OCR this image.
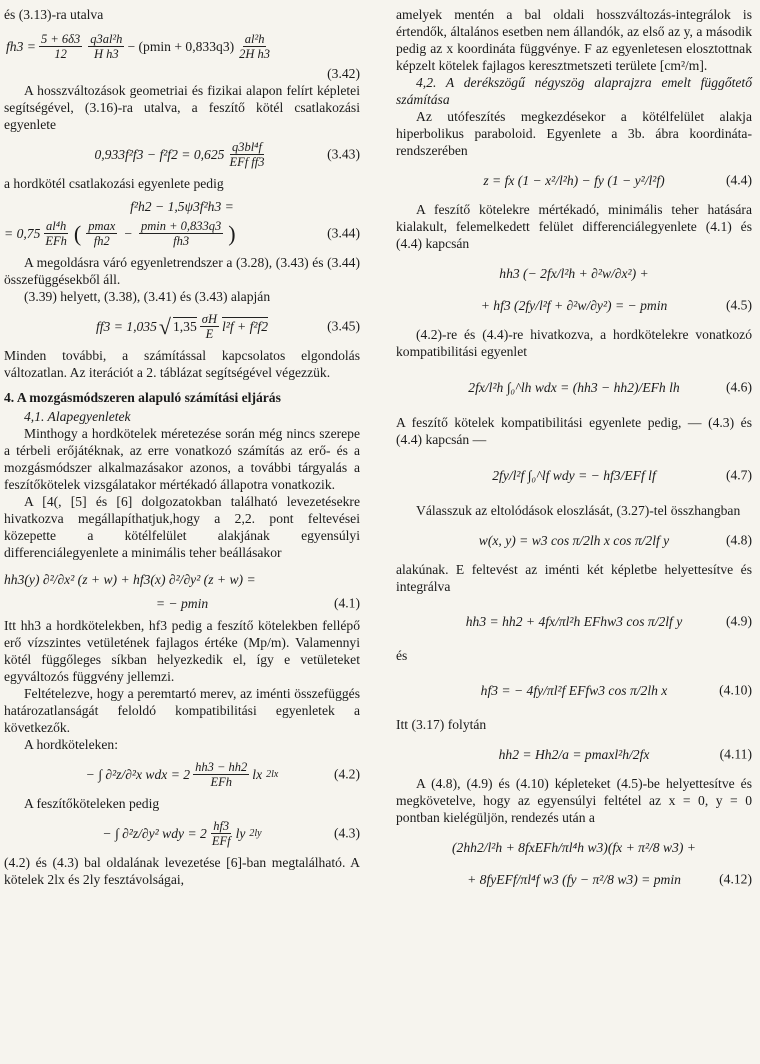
és (3.13)-ra utalva

$fh3 = \frac{5 + 6\delta 3}{12} \frac{\text{q3al²h}}{\text{H h3}} - (pmin + 0,833q3) \frac{\text{al²h}}{\text{2H h3}}$
(3.42)

A hosszváltozások geometriai és fizikai alapon felírt képletei segítségével, (3.16)-ra utalva, a feszítő kötél csatlakozási egyenlete

$0,933f^2f3 - f^2f2 = 0,625 \frac{\text{q3bl⁴f}}{\text{EFf ff3}}$	(3.43)

a hordkötél csatlakozási egyenlete pedig

f²h2 − 1,5ψ3f²h3 =
= $0,75 \frac{\text{al⁴h}}{\text{EFh}}$ ( $\frac{pmax}{fh2} - \frac{pmin + 0,833q3}{fh3}$ )	(3.44)

A megoldásra váró egyenletrendszer a (3.28), (3.43) és (3.44) összefüggésekből áll.

(3.39) helyett, (3.38), (3.41) és (3.43) alapján

ff3 = 1,035 √ $1,35 \frac{\sigma H}{E} l^2f + f^2f2$	(3.45)

Minden további, a számítással kapcsolatos elgondolás változatlan. Az iterációt a 2. táblázat segítségével végezzük.

4. A mozgásmódszeren alapuló számítási eljárás

4,1. Alapegyenletek

Minthogy a hordkötelek méretezése során még nincs szerepe a térbeli erőjátéknak, az erre vonatkozó számítás az erő- és a mozgásmódszer alkalmazásakor azonos, a további tárgyalás a feszítőkötelek vizsgálatakor mértékadó állapotra vonatkozik.

A [4(, [5] és [6] dolgozatokban található levezetésekre hivatkozva megállapíthatjuk,hogy a 2,2. pont feltevései közepette a kötélfelület alakjának egyensúlyi differenciálegyenlete a minimális teher beállásakor

hh3(y) ∂²/∂x² (z + w) + hf3(x) ∂²/∂y² (z + w) =
= − pmin	(4.1)

Itt hh3 a hordkötelekben, hf3 pedig a feszítő kötelekben fellépő erő vízszintes vetületének fajlagos értéke (Mp/m). Valamennyi kötél függőleges síkban helyezkedik el, így e vetületeket egyváltozós függvény jellemzi.

Feltételezve, hogy a peremtartó merev, az iménti összefüggés határozatlanságát feloldó kompatibilitási egyenletek a következők.

A hordköteleken:

− ∫ ∂²z/∂²x wdx = $2 \frac{hh3 - hh2}{\text{EFh}}$ lx 2lx	(4.2)

A feszítőköteleken pedig

− ∫ ∂²z/∂y² wdy = $2 \frac{hf3}{\text{EFf}}$ ly 2ly	(4.3)

(4.2) és (4.3) bal oldalának levezetése [6]-ban megtalálható. A kötelek 2lx és 2ly fesztávolságai,

amelyek mentén a bal oldali hosszváltozás-integrálok is értendők, általános esetben nem állandók, az első az y, a második pedig az x koordináta függvénye. F az egyenletesen elosztottnak képzelt kötelek fajlagos keresztmetszeti területe [cm²/m].

4,2. A derékszögű négyszög alaprajzra emelt függőtető számítása

Az utófeszítés megkezdésekor a kötélfelület alakja hiperbolikus paraboloid. Egyenlete a 3b. ábra koordináta-rendszerében

z = fx (1 − x²/l²h) − fy (1 − y²/l²f)	(4.4)

A feszítő kötelekre mértékadó, minimális teher hatására kialakult, felemelkedett felület differenciálegyenlete (4.1) és (4.4) kapcsán

hh3 (− 2fx/l²h + ∂²w/∂x²) +
+ hf3 (2fy/l²f + ∂²w/∂y²) = − pmin	(4.5)

(4.2)-re és (4.4)-re hivatkozva, a hordkötelekre vonatkozó kompatibilitási egyenlet

2fx/l²h ∫₀^lh wdx = (hh3 − hh2)/EFh lh	(4.6)

A feszítő kötelek kompatibilitási egyenlete pedig, — (4.3) és (4.4) kapcsán —

2fy/l²f ∫₀^lf wdy = − hf3/EFf lf	(4.7)

Válasszuk az eltolódások eloszlását, (3.27)-tel összhangban

w(x, y) = w3 cos π/2lh x cos π/2lf y	(4.8)

alakúnak. E feltevést az iménti két képletbe helyettesítve és integrálva

hh3 = hh2 + 4fx/πl²h EFhw3 cos π/2lf y	(4.9)

és

hf3 = − 4fy/πl²f EFfw3 cos π/2lh x	(4.10)

Itt (3.17) folytán

hh2 = Hh2/a = pmaxl²h/2fx	(4.11)

A (4.8), (4.9) és (4.10) képleteket (4.5)-be helyettesítve és megkövetelve, hogy az egyensúlyi feltétel az x = 0, y = 0 pontban kielégüljön, rendezés után a

(2hh2/l²h + 8fxEFh/πl⁴h w3)(fx + π²/8 w3) +
+ 8fyEFf/πl⁴f w3 (fy − π²/8 w3) = pmin	(4.12)
